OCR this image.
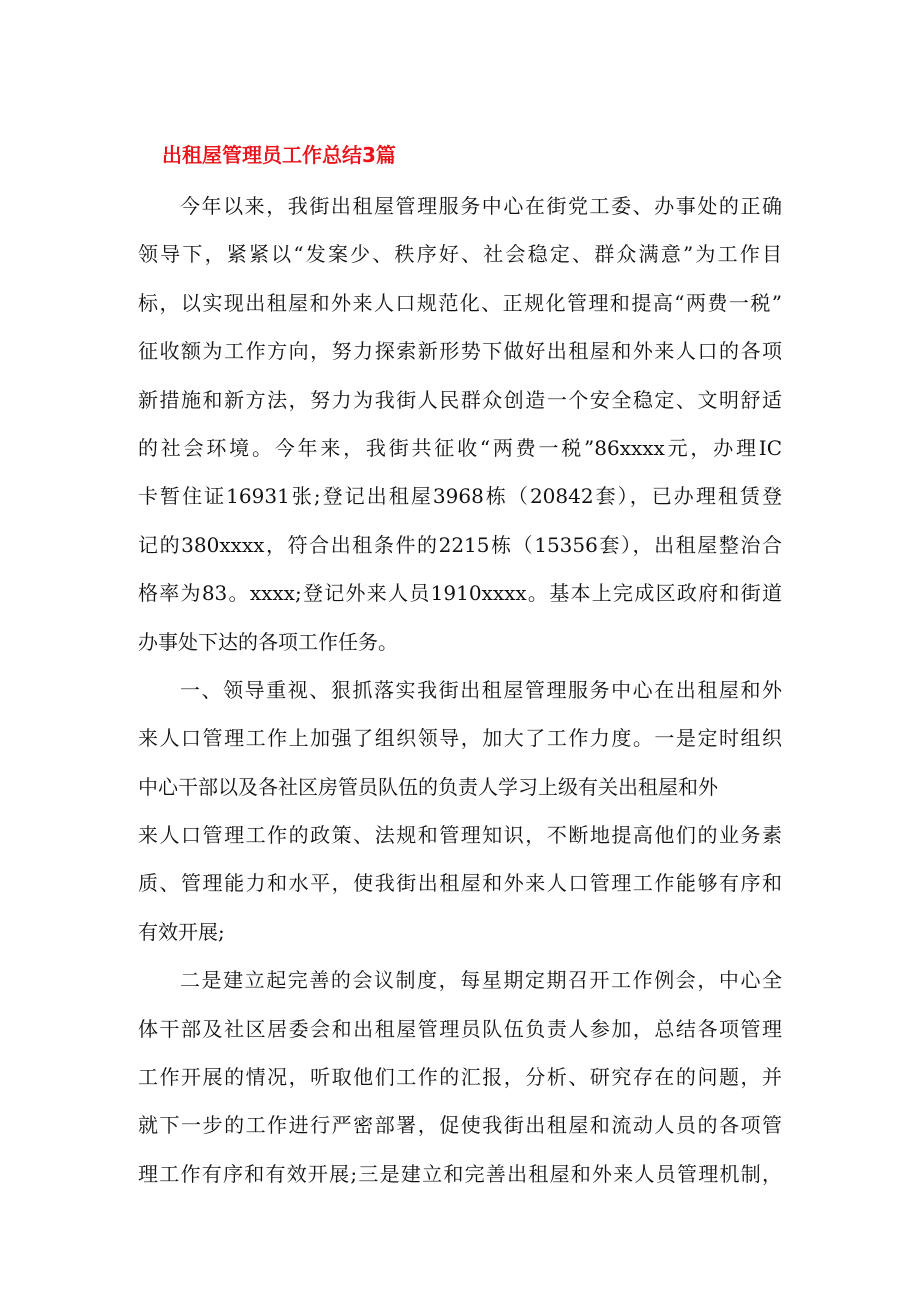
出租屋管理员工作总结3篇

今年以来，我街出租屋管理服务中心在街党工委、办事处的正确
领导下，紧紧以“发案少、秩序好、社会稳定、群众满意”为工作目
标，以实现出租屋和外来人口规范化、正规化管理和提高“两费一税”
征收额为工作方向，努力探索新形势下做好出租屋和外来人口的各项
新措施和新方法，努力为我街人民群众创造一个安全稳定、文明舒适
的社会环境。今年来，我街共征收“两费一税”86xxxx元，办理IC
卡暂住证16931张;登记出租屋3968栋（20842套），已办理租赁登
记的380xxxx，符合出租条件的2215栋（15356套），出租屋整治合
格率为83。xxxx;登记外来人员1910xxxx。基本上完成区政府和街道
办事处下达的各项工作任务。

一、领导重视、狠抓落实我街出租屋管理服务中心在出租屋和外
来人口管理工作上加强了组织领导，加大了工作力度。一是定时组织
中心干部以及各社区房管员队伍的负责人学习上级有关出租屋和外
来人口管理工作的政策、法规和管理知识，不断地提高他们的业务素
质、管理能力和水平，使我街出租屋和外来人口管理工作能够有序和
有效开展;

二是建立起完善的会议制度，每星期定期召开工作例会，中心全
体干部及社区居委会和出租屋管理员队伍负责人参加，总结各项管理
工作开展的情况，听取他们工作的汇报，分析、研究存在的问题，并
就下一步的工作进行严密部署，促使我街出租屋和流动人员的各项管
理工作有序和有效开展;三是建立和完善出租屋和外来人员管理机制，
